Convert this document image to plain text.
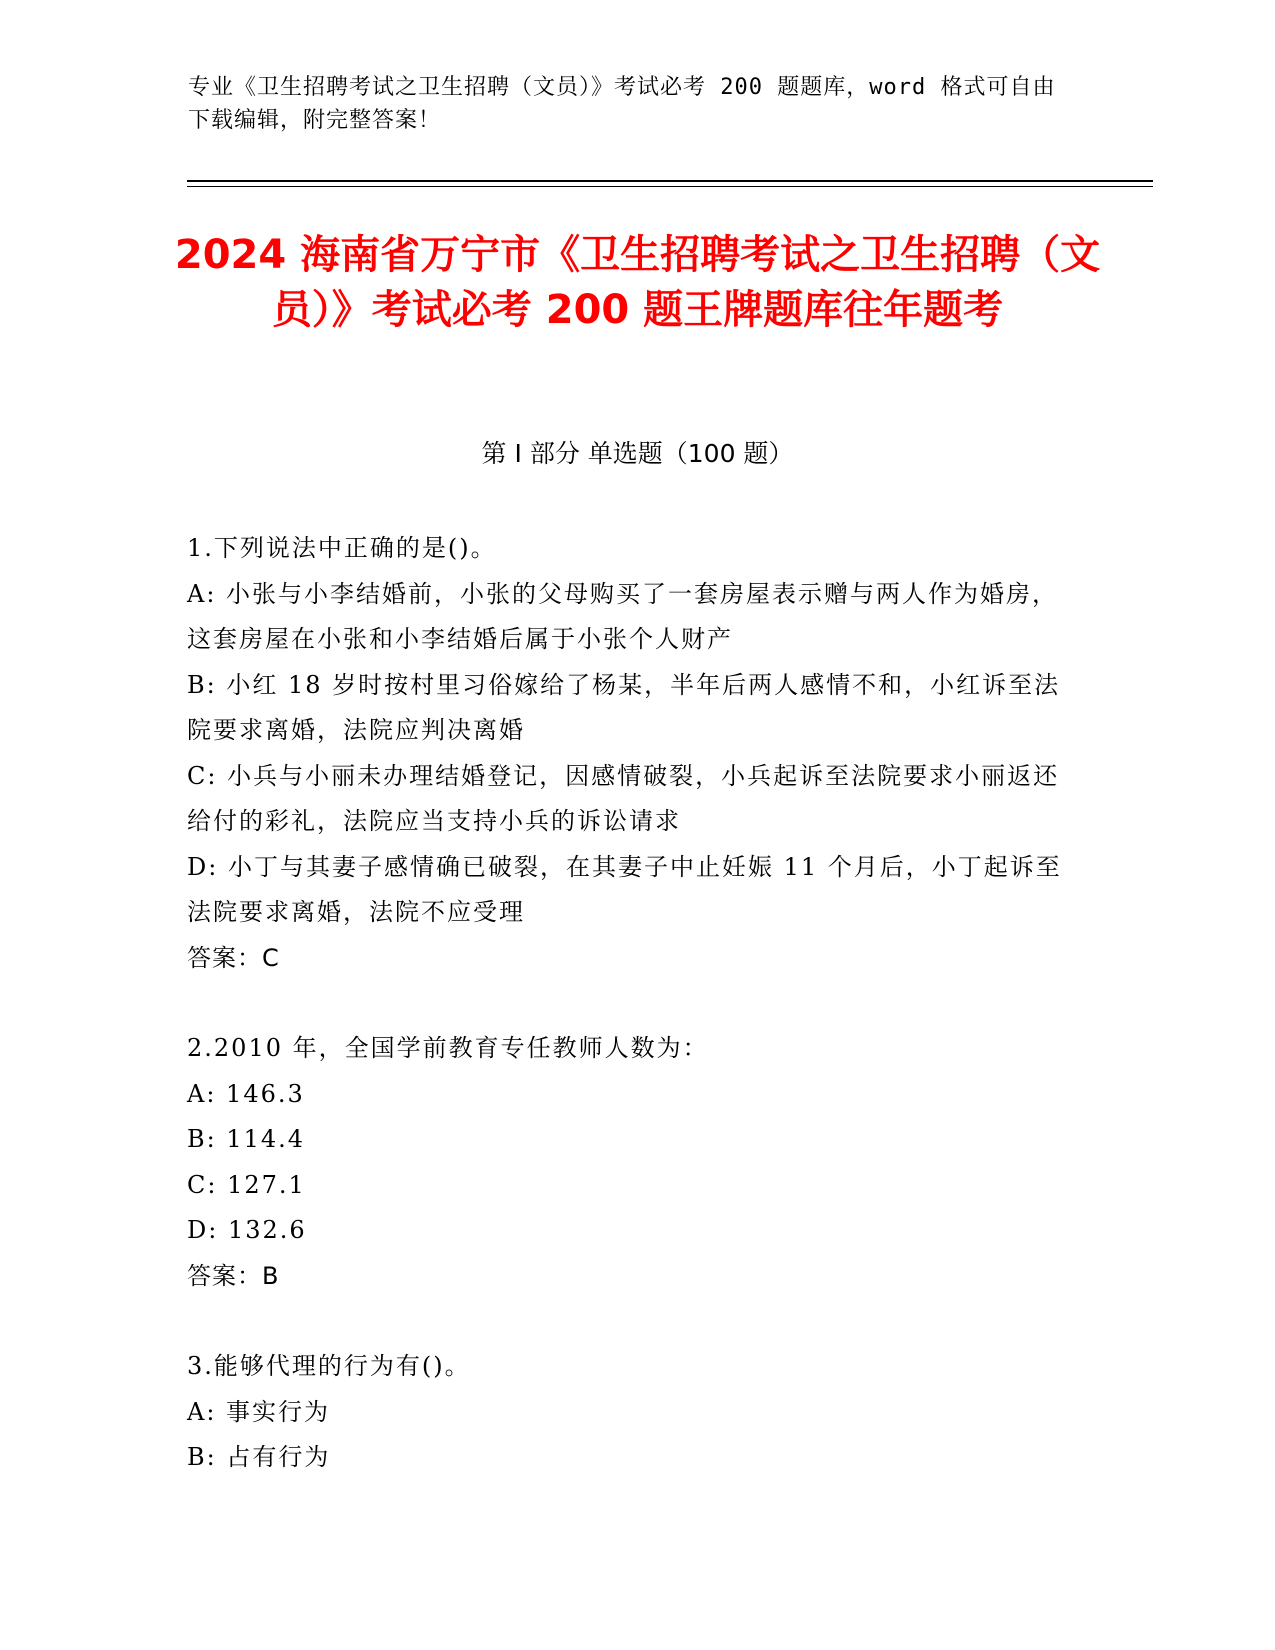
专业《卫生招聘考试之卫生招聘（文员）》考试必考 200 题题库，word 格式可自由下载编辑，附完整答案！
2024 海南省万宁市《卫生招聘考试之卫生招聘（文员）》考试必考 200 题王牌题库往年题考
第 I 部分 单选题（100 题）
1.下列说法中正确的是()。
A: 小张与小李结婚前，小张的父母购买了一套房屋表示赠与两人作为婚房，这套房屋在小张和小李结婚后属于小张个人财产
B: 小红 18 岁时按村里习俗嫁给了杨某，半年后两人感情不和，小红诉至法院要求离婚，法院应判决离婚
C: 小兵与小丽未办理结婚登记，因感情破裂，小兵起诉至法院要求小丽返还给付的彩礼，法院应当支持小兵的诉讼请求
D: 小丁与其妻子感情确已破裂，在其妻子中止妊娠 11 个月后，小丁起诉至法院要求离婚，法院不应受理
答案：C
2.2010 年，全国学前教育专任教师人数为：
A: 146.3
B: 114.4
C: 127.1
D: 132.6
答案：B
3.能够代理的行为有()。
A: 事实行为
B: 占有行为
